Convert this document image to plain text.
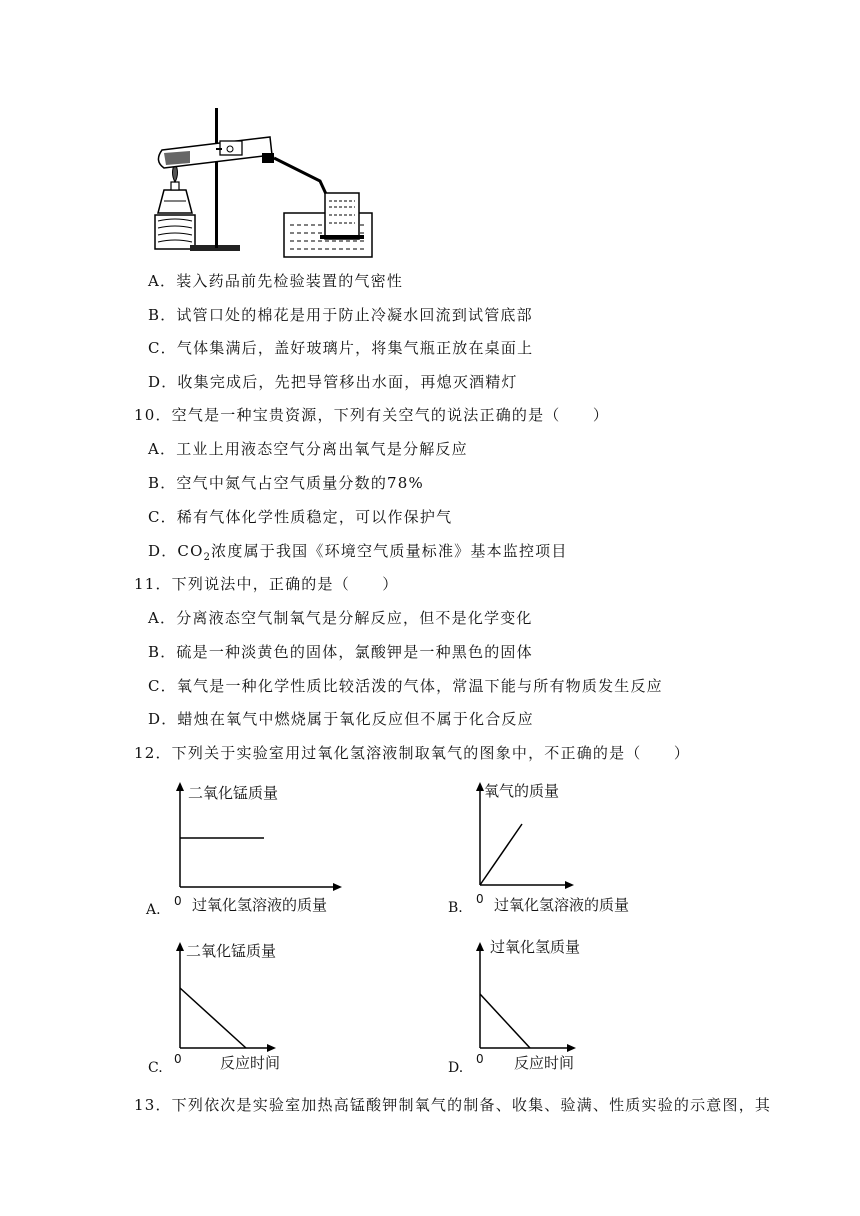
A．装入药品前先检验装置的气密性
B．试管口处的棉花是用于防止冷凝水回流到试管底部
C．气体集满后，盖好玻璃片，将集气瓶正放在桌面上
D．收集完成后，先把导管移出水面，再熄灭酒精灯
10．空气是一种宝贵资源，下列有关空气的说法正确的是（　　）
A．工业上用液态空气分离出氧气是分解反应
B．空气中氮气占空气质量分数的78%
C．稀有气体化学性质稳定，可以作保护气
D．$CO_2$浓度属于我国《环境空气质量标准》基本监控项目
11．下列说法中，正确的是（　　）
A．分离液态空气制氧气是分解反应，但不是化学变化
B．硫是一种淡黄色的固体，氯酸钾是一种黑色的固体
C．氧气是一种化学性质比较活泼的气体，常温下能与所有物质发生反应
D．蜡烛在氧气中燃烧属于氧化反应但不属于化合反应
12．下列关于实验室用过氧化氢溶液制取氧气的图象中，不正确的是（　　）
二氧化锰质量
A.
0 过氧化氢溶液的质量
氧气的质量
B.
0 过氧化氢溶液的质量
二氧化锰质量
C.
0	反应时间
过氧化氢质量
D.
0 反应时间
13．下列依次是实验室加热高锰酸钾制氧气的制备、收集、验满、性质实验的示意图，其
